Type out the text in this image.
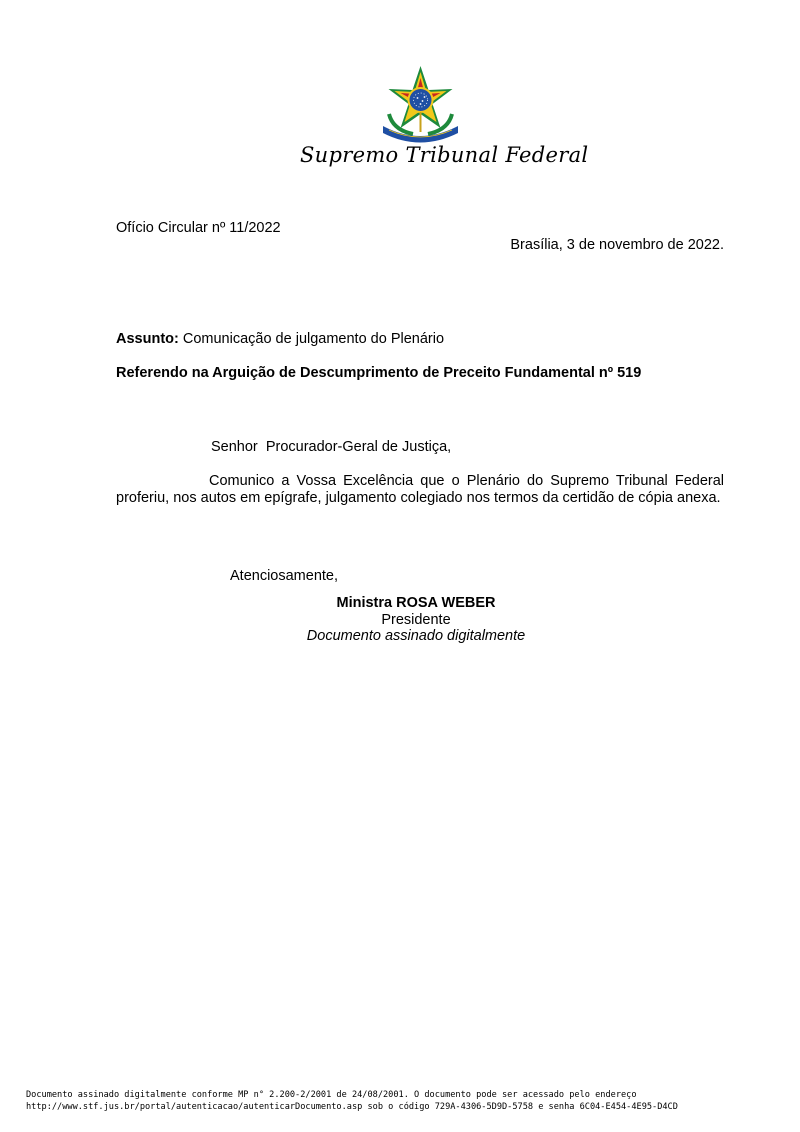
Supremo Tribunal Federal
Ofício Circular nº 11/2022
Brasília, 3 de novembro de 2022.
Assunto: Comunicação de julgamento do Plenário
Referendo na Arguição de Descumprimento de Preceito Fundamental nº 519
Senhor  Procurador-Geral de Justiça,
Comunico a Vossa Excelência que o Plenário do Supremo Tribunal Federal proferiu, nos autos em epígrafe, julgamento colegiado nos termos da certidão de cópia anexa.
Atenciosamente,
Ministra ROSA WEBER
Presidente
Documento assinado digitalmente
Documento assinado digitalmente conforme MP n° 2.200-2/2001 de 24/08/2001. O documento pode ser acessado pelo endereço
http://www.stf.jus.br/portal/autenticacao/autenticarDocumento.asp sob o código 729A-4306-5D9D-5758 e senha 6C04-E454-4E95-D4CD
